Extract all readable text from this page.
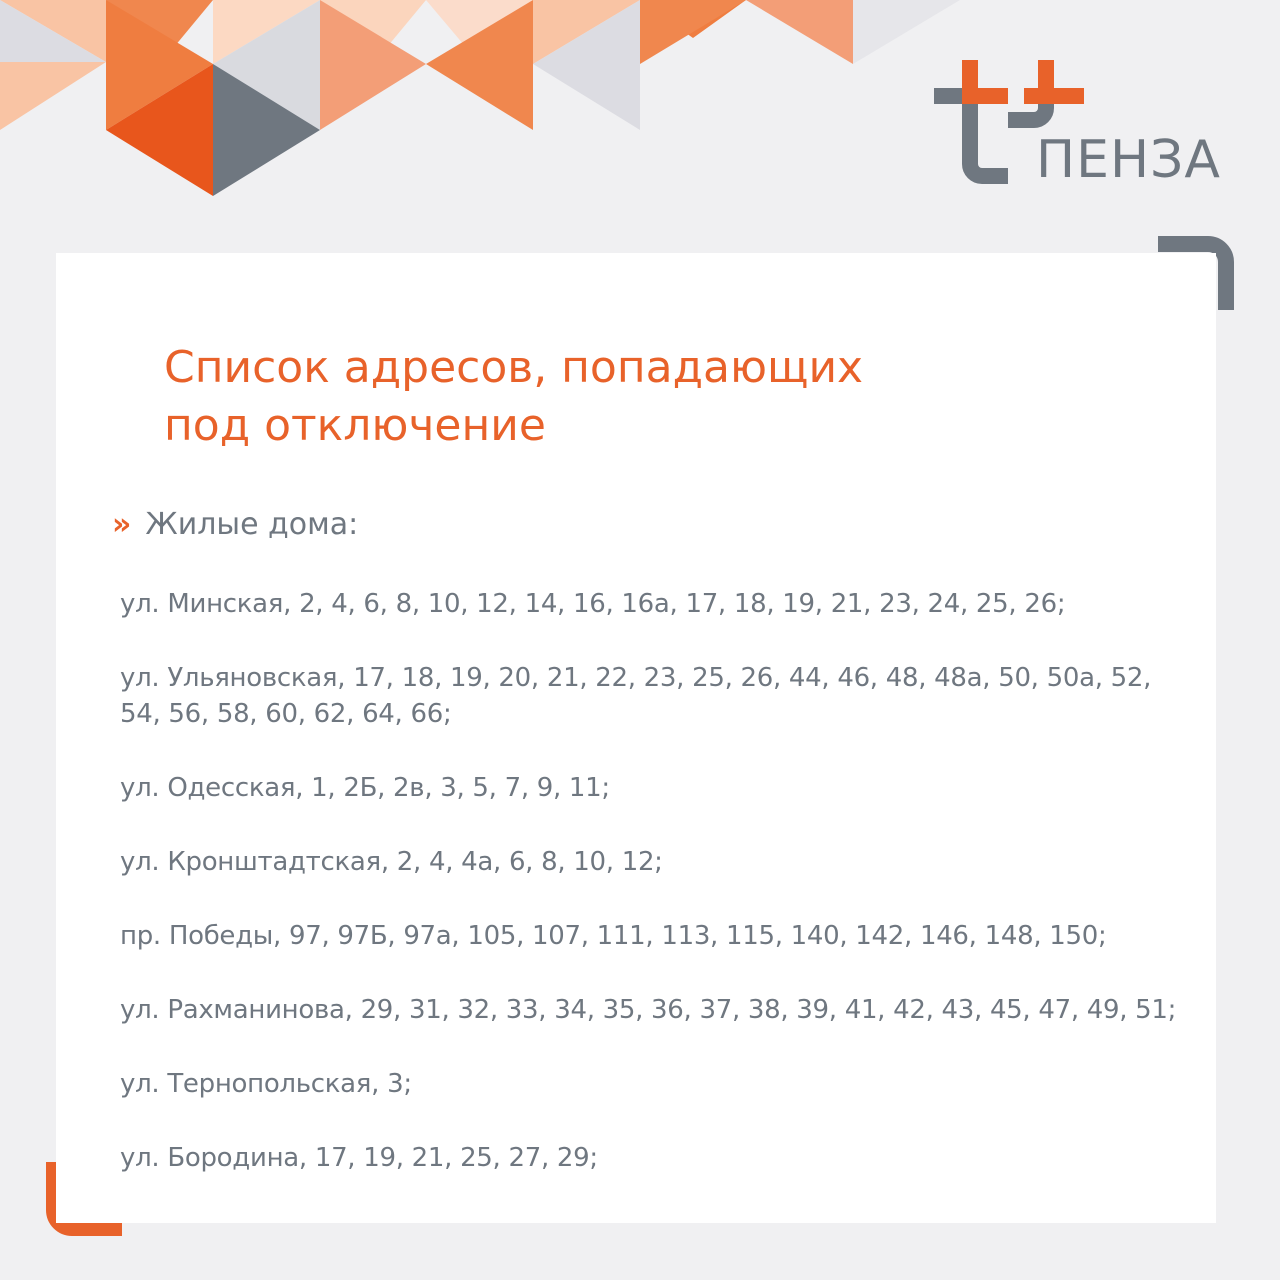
ПЕНЗА
Список адресов, попадающих
под отключение
» Жилые дома:
ул. Минская, 2, 4, 6, 8, 10, 12, 14, 16, 16а, 17, 18, 19, 21, 23, 24, 25, 26;
ул. Ульяновская, 17, 18, 19, 20, 21, 22, 23, 25, 26, 44, 46, 48, 48а, 50, 50а, 52, 54, 56, 58, 60, 62, 64, 66;
ул. Одесская, 1, 2Б, 2в, 3, 5, 7, 9, 11;
ул. Кронштадтская, 2, 4, 4а, 6, 8, 10, 12;
пр. Победы, 97, 97Б, 97а, 105, 107, 111, 113, 115, 140, 142, 146, 148, 150;
ул. Рахманинова, 29, 31, 32, 33, 34, 35, 36, 37, 38, 39, 41, 42, 43, 45, 47, 49, 51;
ул. Тернопольская, 3;
ул. Бородина, 17, 19, 21, 25, 27, 29;
